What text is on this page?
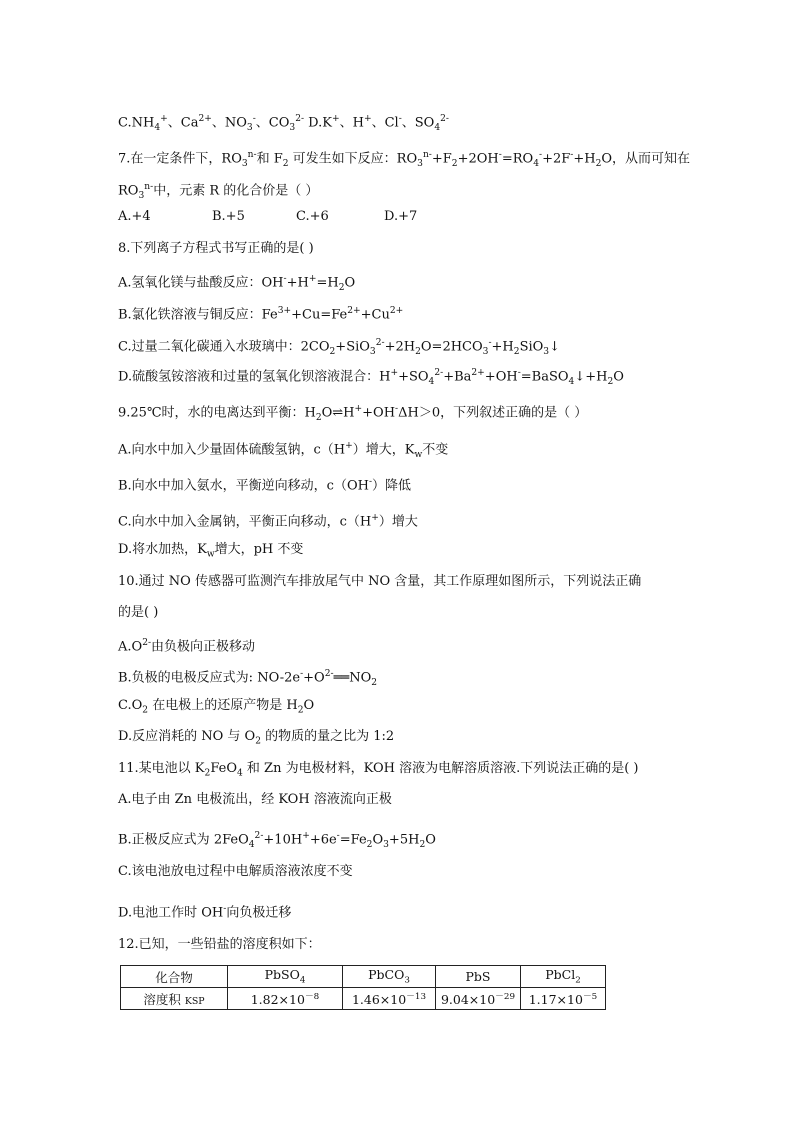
$C.NH_4^+$、$Ca^{2+}$、$NO_3^-$、$CO_3^{2-}$ D.K+、H+、Cl-、$SO_4^{2-}$
7.在一定条件下，$RO_3^{n-}$和 $F_2$ 可发生如下反应：$RO_3^{n-}+F_2+2OH^-=RO_4^-+2F^-+H_2O$，从而可知在
$RO_3^{n-}$中，元素 R 的化合价是（ ）
A.+4	B.+5	C.+6	D.+7
8.下列离子方程式书写正确的是( )
A.氢氧化镁与盐酸反应：$OH^-+H^+=H_2O$
B.氯化铁溶液与铜反应：$Fe^{3+}+Cu=Fe^{2+}+Cu^{2+}$
C.过量二氧化碳通入水玻璃中：$2CO_2+SiO_3^{2-}+2H_2O=2HCO_3^-+H_2SiO_3↓$
D.硫酸氢铵溶液和过量的氢氧化钡溶液混合：$H^++SO_4^{2-}+Ba^{2+}+OH^-=BaSO_4↓+H_2O$
9.25℃时，水的电离达到平衡：$H_2O\rightleftharpoons H^++OH^-\Delta H>0$，下列叙述正确的是（ ）
A.向水中加入少量固体硫酸氢钠，c（H+）增大，$K_w$不变
B.向水中加入氨水，平衡逆向移动，c（OH-）降低
C.向水中加入金属钠，平衡正向移动，c（H+）增大
D.将水加热，$K_w$增大，pH 不变
10.通过 NO 传感器可监测汽车排放尾气中 NO 含量，其工作原理如图所示，下列说法正确
的是( )
$A.O^{2-}$由负极向正极移动
B.负极的电极反应式为: $NO-2e^-+O^{2-}══NO_2$
$C.O_2$ 在电极上的还原产物是 $H_2O$
D.反应消耗的 NO 与 $O_2$ 的物质的量之比为 1:2
11.某电池以 $K_2FeO_4$ 和 Zn 为电极材料，KOH 溶液为电解溶质溶液.下列说法正确的是( )
A.电子由 Zn 电极流出，经 KOH 溶液流向正极
B.正极反应式为 $2FeO_4^{2-}+10H^++6e^-=Fe_2O_3+5H_2O$
C.该电池放电过程中电解质溶液浓度不变
D.电池工作时 OH-向负极迁移
12.已知，一些铅盐的溶度积如下：
化合物	PbSO$_4$	PbCO$_3$	PbS	PbCl$_2$
溶度积 KSP	$1.82\times 10^{-8}$	$1.46\times 10^{-13}$	$9.04\times 10^{-29}$	$1.17\times 10^{-5}$
